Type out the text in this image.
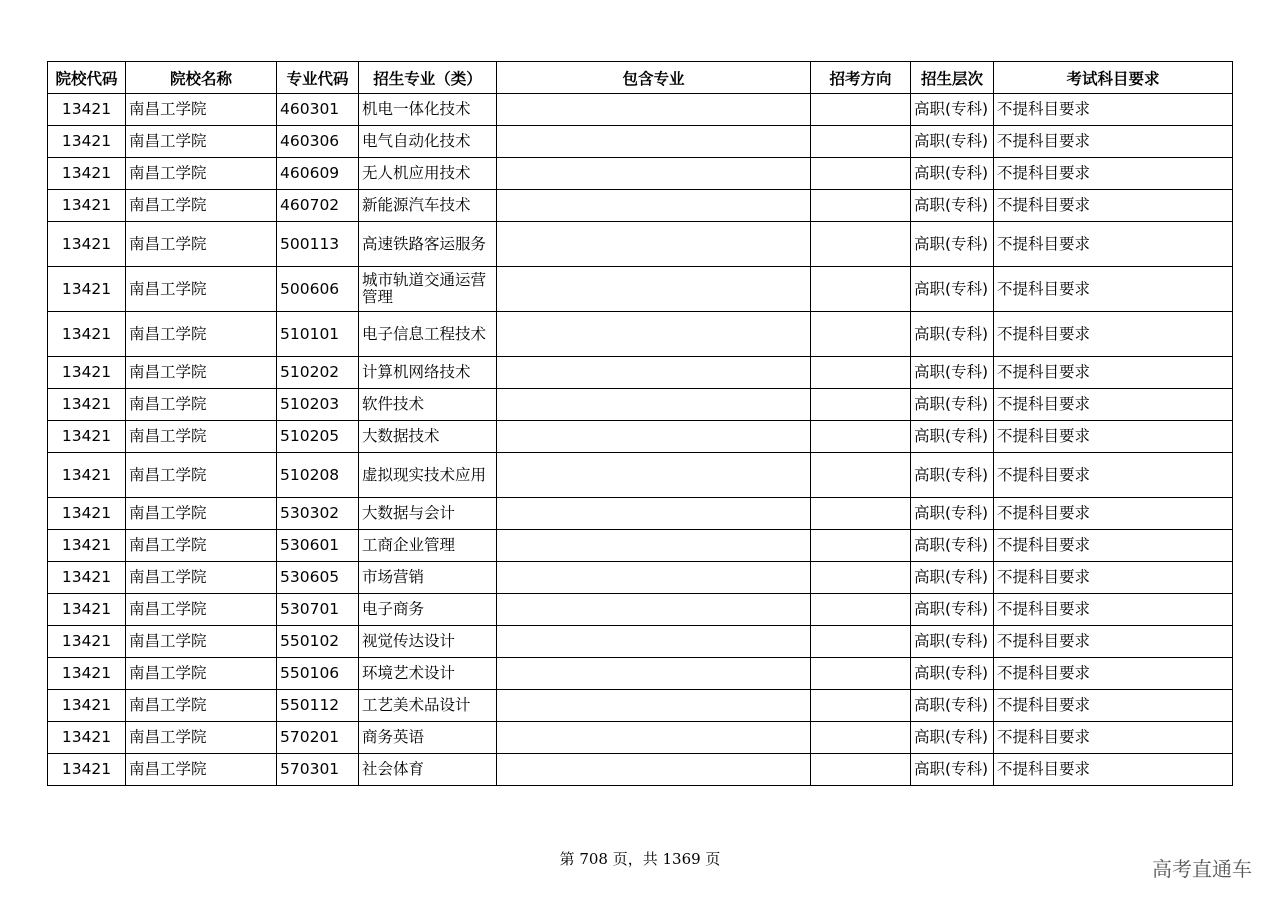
院校代码	院校名称	专业代码	招生专业（类）	包含专业	招考方向	招生层次	考试科目要求
13421	南昌工学院	460301	机电一体化技术			高职(专科)	不提科目要求
13421	南昌工学院	460306	电气自动化技术			高职(专科)	不提科目要求
13421	南昌工学院	460609	无人机应用技术			高职(专科)	不提科目要求
13421	南昌工学院	460702	新能源汽车技术			高职(专科)	不提科目要求
13421	南昌工学院	500113	高速铁路客运服务			高职(专科)	不提科目要求
13421	南昌工学院	500606	城市轨道交通运营管理			高职(专科)	不提科目要求
13421	南昌工学院	510101	电子信息工程技术			高职(专科)	不提科目要求
13421	南昌工学院	510202	计算机网络技术			高职(专科)	不提科目要求
13421	南昌工学院	510203	软件技术			高职(专科)	不提科目要求
13421	南昌工学院	510205	大数据技术			高职(专科)	不提科目要求
13421	南昌工学院	510208	虚拟现实技术应用			高职(专科)	不提科目要求
13421	南昌工学院	530302	大数据与会计			高职(专科)	不提科目要求
13421	南昌工学院	530601	工商企业管理			高职(专科)	不提科目要求
13421	南昌工学院	530605	市场营销			高职(专科)	不提科目要求
13421	南昌工学院	530701	电子商务			高职(专科)	不提科目要求
13421	南昌工学院	550102	视觉传达设计			高职(专科)	不提科目要求
13421	南昌工学院	550106	环境艺术设计			高职(专科)	不提科目要求
13421	南昌工学院	550112	工艺美术品设计			高职(专科)	不提科目要求
13421	南昌工学院	570201	商务英语			高职(专科)	不提科目要求
13421	南昌工学院	570301	社会体育			高职(专科)	不提科目要求
第 708 页，共 1369 页	高考直通车
